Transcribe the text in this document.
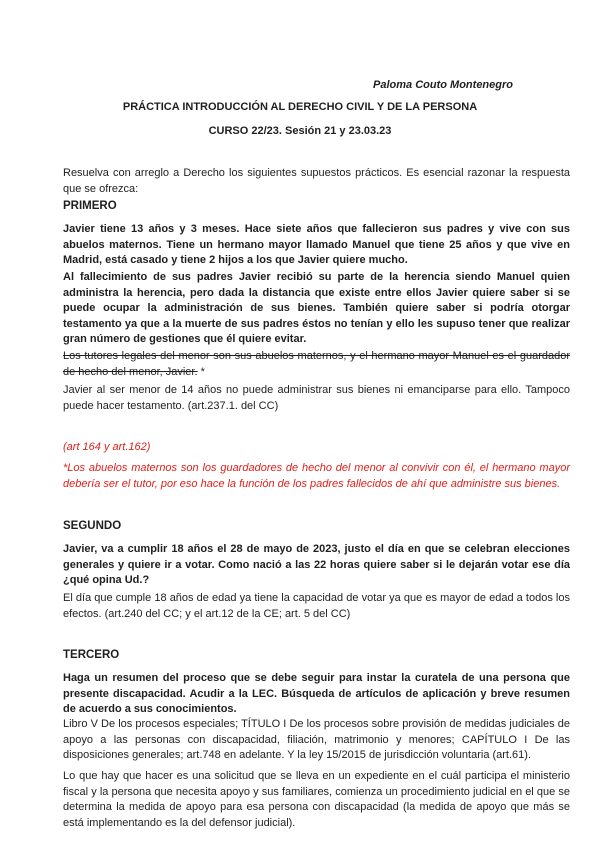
Paloma Couto Montenegro

PRÁCTICA INTRODUCCIÓN AL DERECHO CIVIL Y DE LA PERSONA

CURSO 22/23. Sesión 21 y 23.03.23

Resuelva con arreglo a Derecho los siguientes supuestos prácticos. Es esencial razonar la respuesta que se ofrezca:

PRIMERO

Javier tiene 13 años y 3 meses. Hace siete años que fallecieron sus padres y vive con sus abuelos maternos. Tiene un hermano mayor llamado Manuel que tiene 25 años y que vive en Madrid, está casado y tiene 2 hijos a los que Javier quiere mucho.

Al fallecimiento de sus padres Javier recibió su parte de la herencia siendo Manuel quien administra la herencia, pero dada la distancia que existe entre ellos Javier quiere saber si se puede ocupar la administración de sus bienes. También quiere saber si podría otorgar testamento ya que a la muerte de sus padres éstos no tenían y ello les supuso tener que realizar gran número de gestiones que él quiere evitar.

Los tutores legales del menor son sus abuelos maternos, y el hermano mayor Manuel es el guardador de hecho del menor, Javier. *

Javier al ser menor de 14 años no puede administrar sus bienes ni emanciparse para ello. Tampoco puede hacer testamento. (art.237.1. del CC)

(art 164 y art.162)

*Los abuelos maternos son los guardadores de hecho del menor al convivir con él, el hermano mayor debería ser el tutor, por eso hace la función de los padres fallecidos de ahí que administre sus bienes.

SEGUNDO

Javier, va a cumplir 18 años el 28 de mayo de 2023, justo el día en que se celebran elecciones generales y quiere ir a votar. Como nació a las 22 horas quiere saber si le dejarán votar ese día ¿qué opina Ud.?

El día que cumple 18 años de edad ya tiene la capacidad de votar ya que es mayor de edad a todos los efectos. (art.240 del CC; y el art.12 de la CE; art. 5 del CC)

TERCERO

Haga un resumen del proceso que se debe seguir para instar la curatela de una persona que presente discapacidad. Acudir a la LEC. Búsqueda de artículos de aplicación y breve resumen de acuerdo a sus conocimientos.

Libro V De los procesos especiales; TÍTULO I De los procesos sobre provisión de medidas judiciales de apoyo a las personas con discapacidad, filiación, matrimonio y menores; CAPÍTULO I De las disposiciones generales; art.748 en adelante. Y la ley 15/2015 de jurisdicción voluntaria (art.61).

Lo que hay que hacer es una solicitud que se lleva en un expediente en el cuál participa el ministerio fiscal y la persona que necesita apoyo y sus familiares, comienza un procedimiento judicial en el que se determina la medida de apoyo para esa persona con discapacidad (la medida de apoyo que más se está implementando es la del defensor judicial).
